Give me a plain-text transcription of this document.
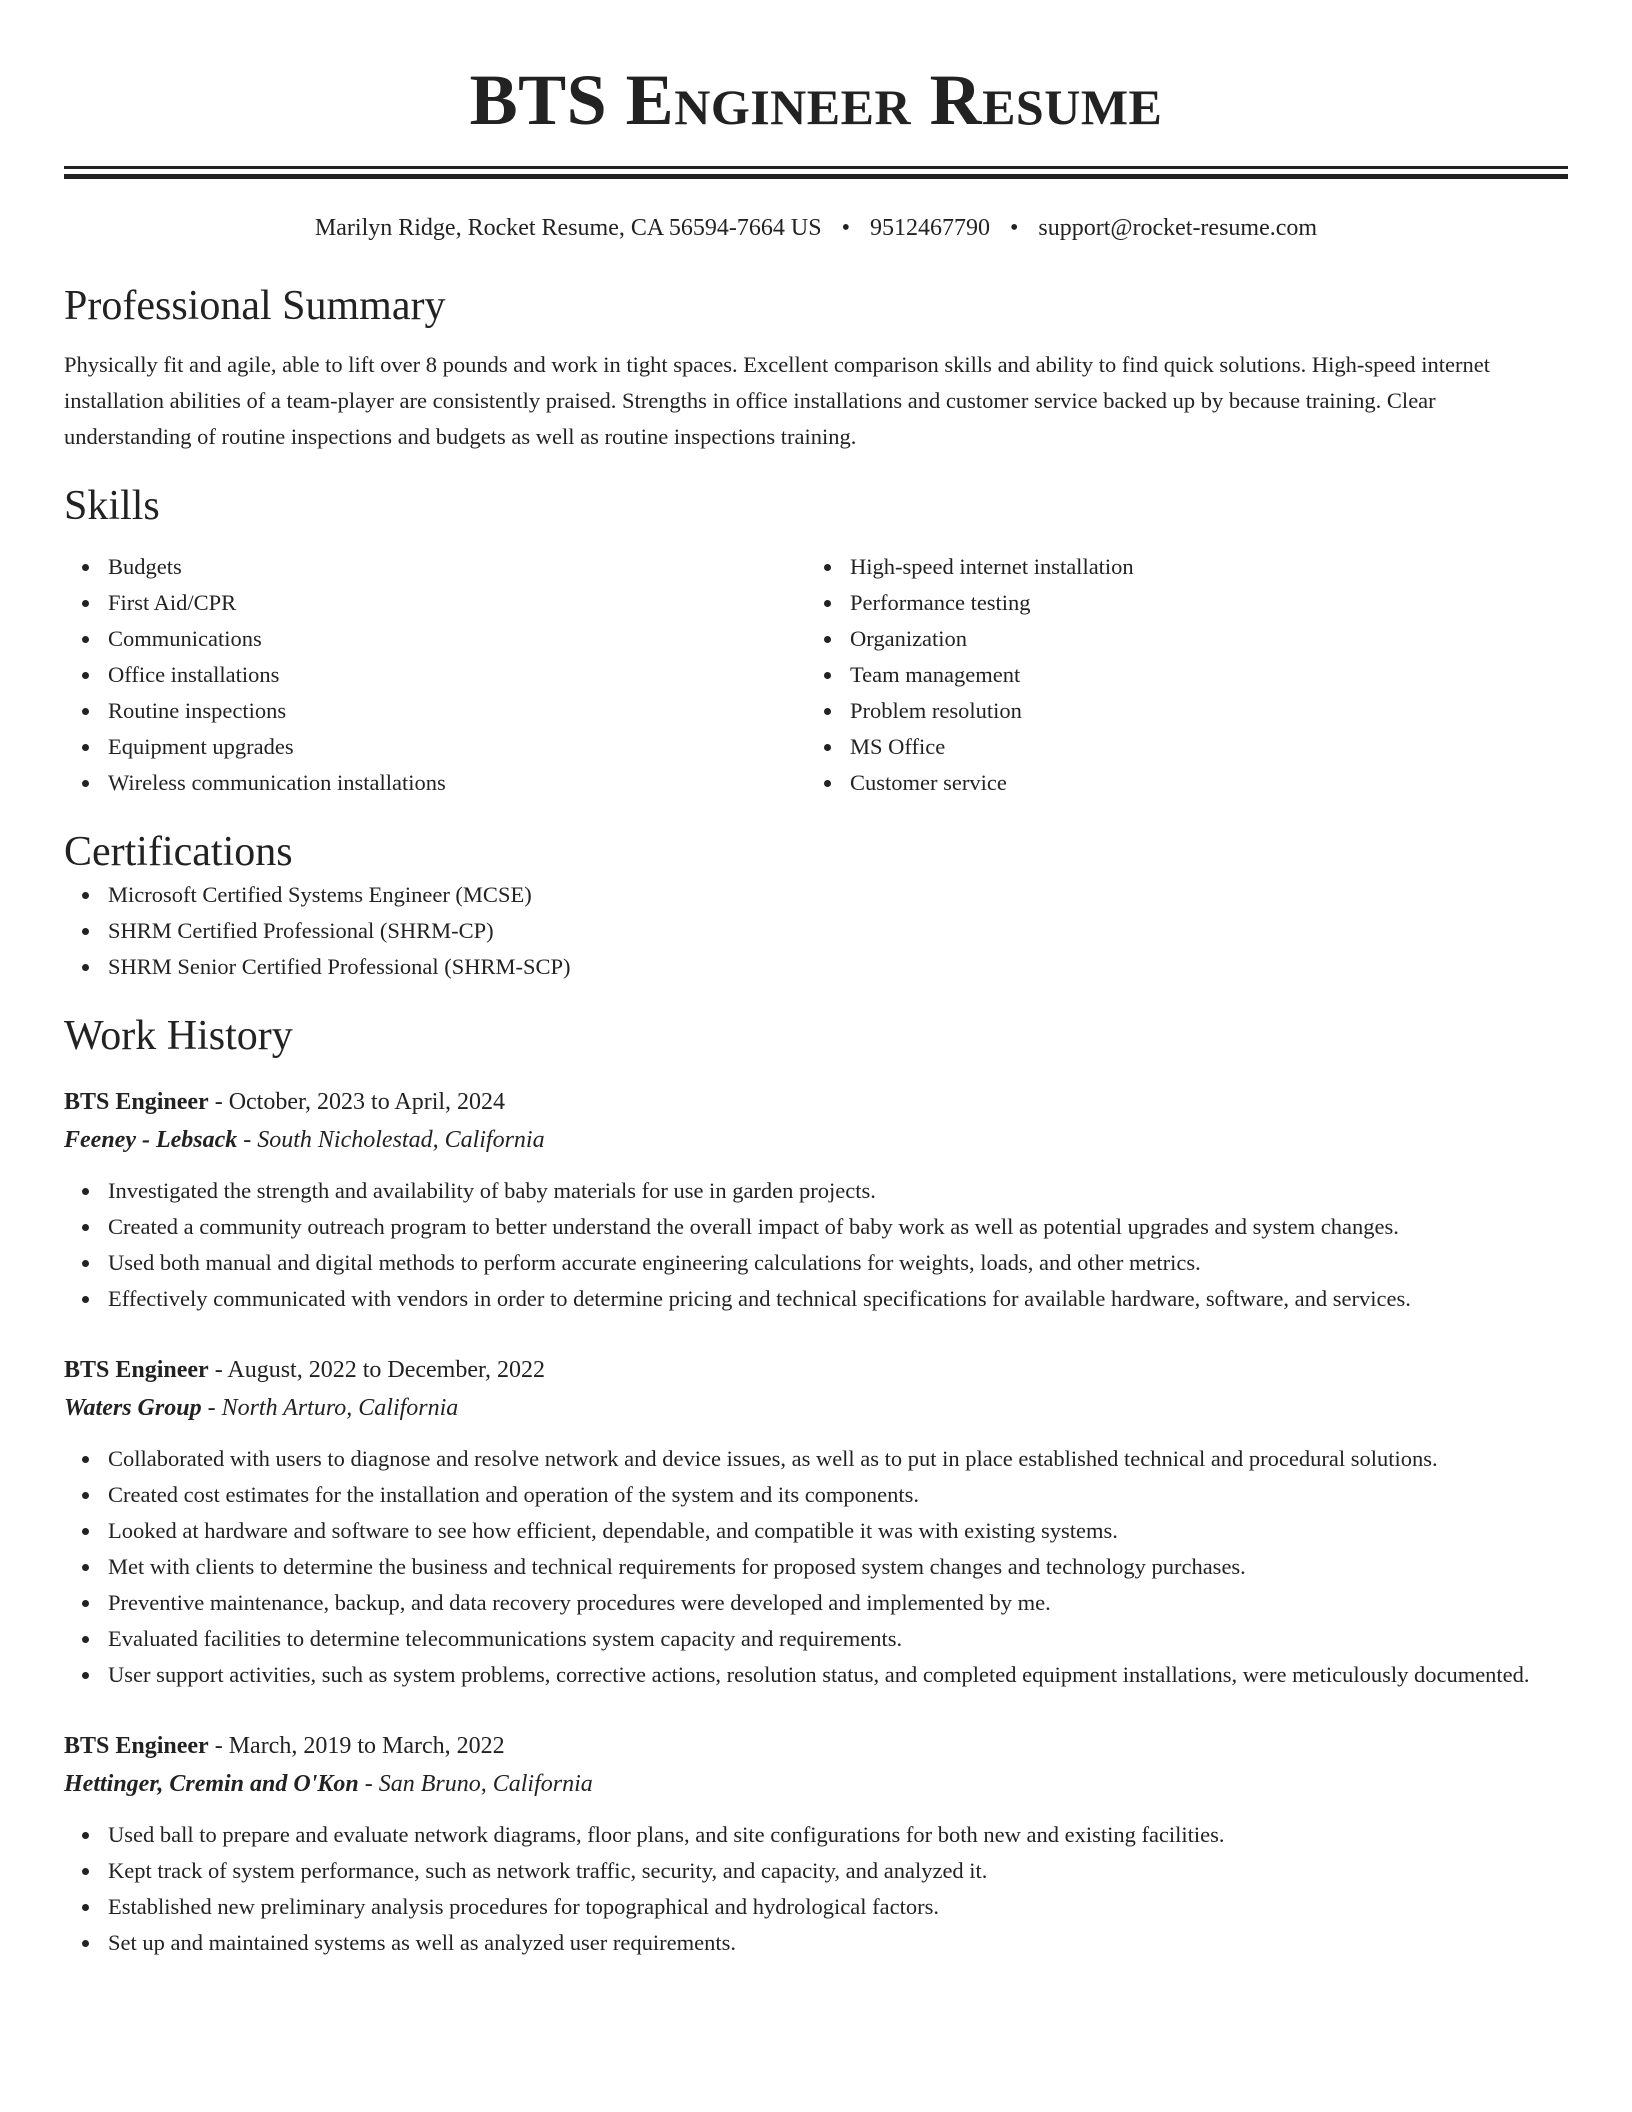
BTS Engineer Resume
Marilyn Ridge, Rocket Resume, CA 56594-7664 US • 9512467790 • support@rocket-resume.com
Professional Summary

Physically fit and agile, able to lift over 8 pounds and work in tight spaces. Excellent comparison skills and ability to find quick solutions. High-speed internet installation abilities of a team-player are consistently praised. Strengths in office installations and customer service backed up by because training. Clear understanding of routine inspections and budgets as well as routine inspections training.

Skills
Budgets
First Aid/CPR
Communications
Office installations
Routine inspections
Equipment upgrades
Wireless communication installations
High-speed internet installation
Performance testing
Organization
Team management
Problem resolution
MS Office
Customer service
Certifications
Microsoft Certified Systems Engineer (MCSE)
SHRM Certified Professional (SHRM-CP)
SHRM Senior Certified Professional (SHRM-SCP)
Work History
BTS Engineer - October, 2023 to April, 2024
Feeney - Lebsack - South Nicholestad, California
Investigated the strength and availability of baby materials for use in garden projects.
Created a community outreach program to better understand the overall impact of baby work as well as potential upgrades and system changes.
Used both manual and digital methods to perform accurate engineering calculations for weights, loads, and other metrics.
Effectively communicated with vendors in order to determine pricing and technical specifications for available hardware, software, and services.
BTS Engineer - August, 2022 to December, 2022
Waters Group - North Arturo, California
Collaborated with users to diagnose and resolve network and device issues, as well as to put in place established technical and procedural solutions.
Created cost estimates for the installation and operation of the system and its components.
Looked at hardware and software to see how efficient, dependable, and compatible it was with existing systems.
Met with clients to determine the business and technical requirements for proposed system changes and technology purchases.
Preventive maintenance, backup, and data recovery procedures were developed and implemented by me.
Evaluated facilities to determine telecommunications system capacity and requirements.
User support activities, such as system problems, corrective actions, resolution status, and completed equipment installations, were meticulously documented.
BTS Engineer - March, 2019 to March, 2022
Hettinger, Cremin and O'Kon - San Bruno, California
Used ball to prepare and evaluate network diagrams, floor plans, and site configurations for both new and existing facilities.
Kept track of system performance, such as network traffic, security, and capacity, and analyzed it.
Established new preliminary analysis procedures for topographical and hydrological factors.
Set up and maintained systems as well as analyzed user requirements.
